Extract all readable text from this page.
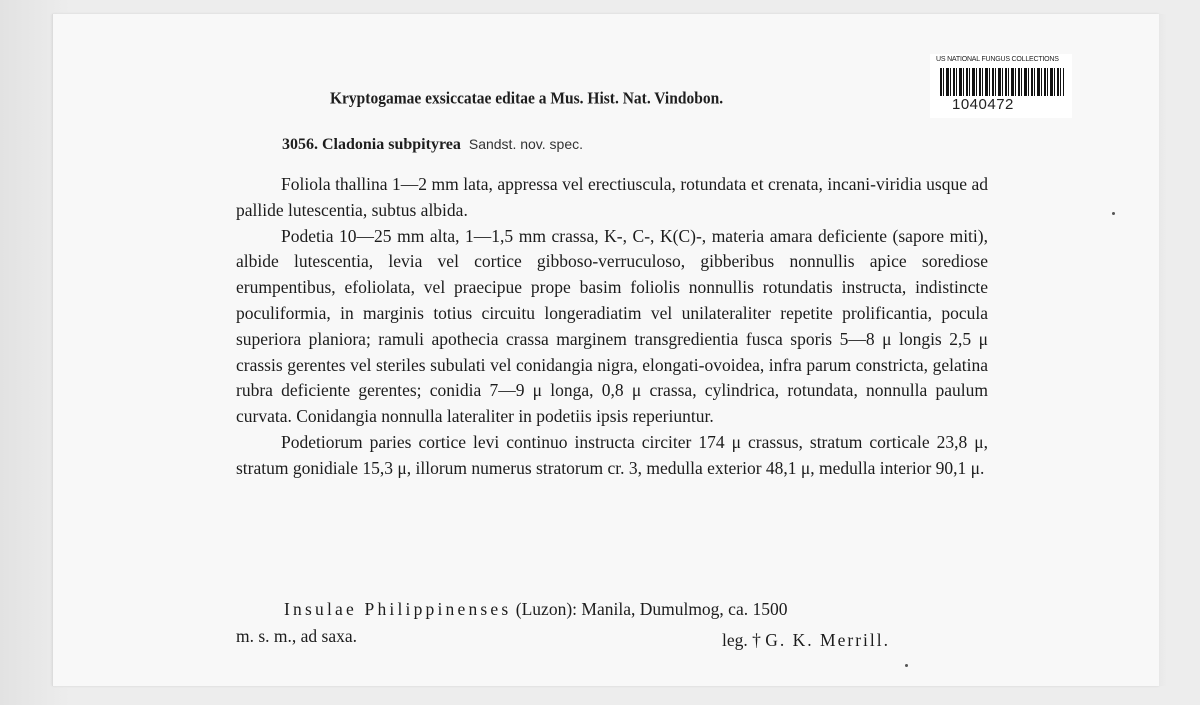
US NATIONAL FUNGUS COLLECTIONS
1040472
Kryptogamae exsiccatae editae a Mus. Hist. Nat. Vindobon.
3056. Cladonia subpityrea Sandst. nov. spec.

Foliola thallina 1—2 mm lata, appressa vel erectiuscula, rotundata et crenata, incani-viridia usque ad pallide lutescentia, subtus albida.

Podetia 10—25 mm alta, 1—1,5 mm crassa, K-, C-, K(C)-, materia amara deficiente (sapore miti), albide lutescentia, levia vel cortice gibboso-verruculoso, gibberibus nonnullis apice sorediose erumpentibus, efoliolata, vel praecipue prope basim foliolis nonnullis rotundatis instructa, indistincte poculiformia, in marginis totius circuitu longeradiatim vel unilateraliter repetite prolificantia, pocula superiora planiora; ramuli apothecia crassa marginem transgredientia fusca sporis 5—8 μ longis 2,5 μ crassis gerentes vel steriles subulati vel conidangia nigra, elongati-ovoidea, infra parum constricta, gelatina rubra deficiente gerentes; conidia 7—9 μ longa, 0,8 μ crassa, cylindrica, rotundata, nonnulla paulum curvata. Conidangia nonnulla lateraliter in podetiis ipsis reperiuntur.

Podetiorum paries cortice levi continuo instructa circiter 174 μ crassus, stratum corticale 23,8 μ, stratum gonidiale 15,3 μ, illorum numerus stratorum cr. 3, medulla exterior 48,1 μ, medulla interior 90,1 μ.

Insulae Philippinenses (Luzon): Manila, Dumulmog, ca. 1500
m. s. m., ad saxa.	leg. † G. K. Merrill.
